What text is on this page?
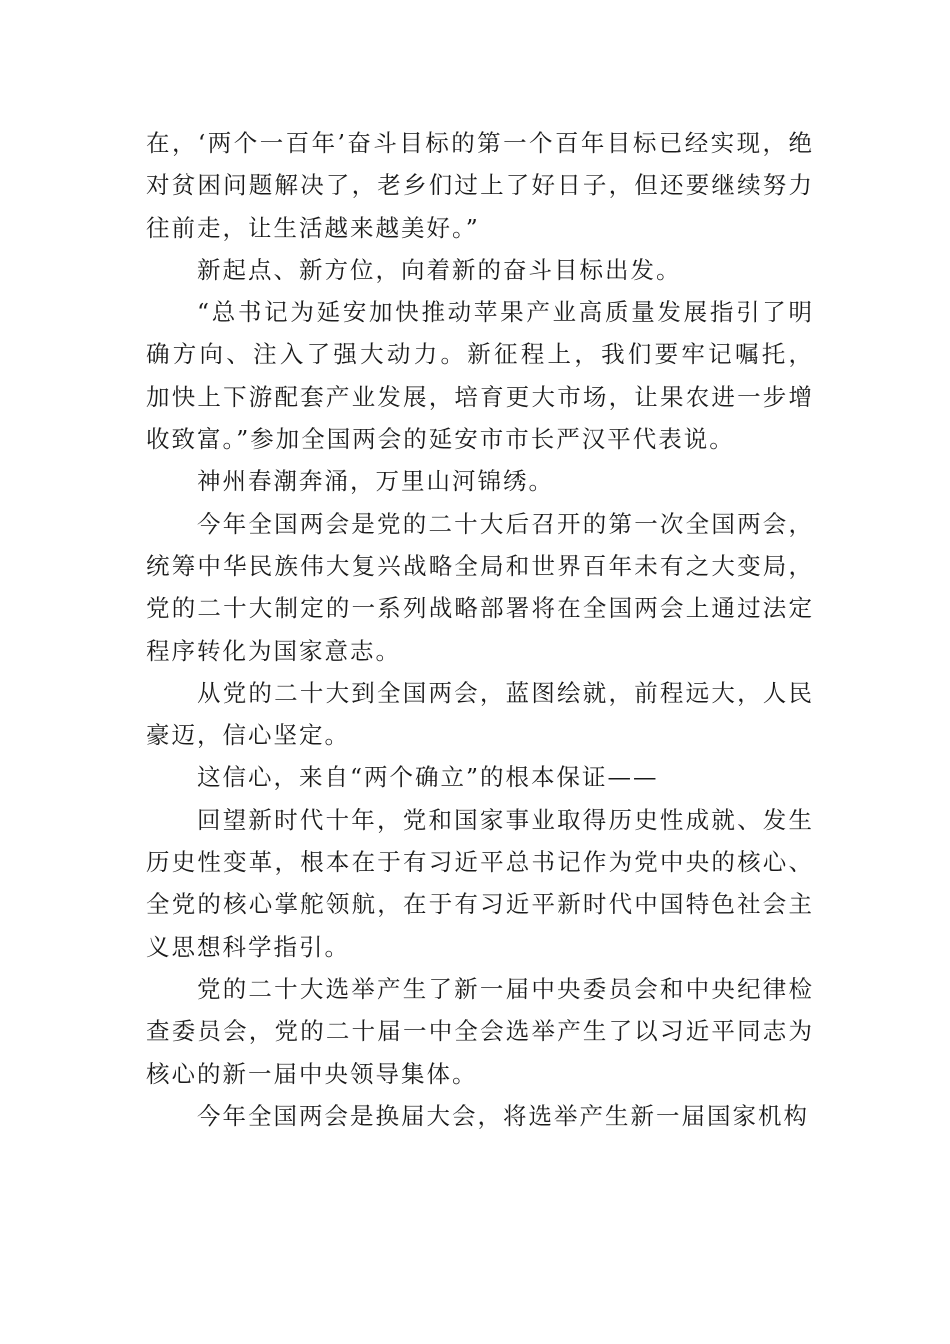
在，‘两个一百年’奋斗目标的第一个百年目标已经实现，绝对贫困问题解决了，老乡们过上了好日子，但还要继续努力往前走，让生活越来越美好。”

新起点、新方位，向着新的奋斗目标出发。

“总书记为延安加快推动苹果产业高质量发展指引了明确方向、注入了强大动力。新征程上，我们要牢记嘱托， 加快上下游配套产业发展，培育更大市场，让果农进一步增收致富。”参加全国两会的延安市市长严汉平代表说。

神州春潮奔涌，万里山河锦绣。

今年全国两会是党的二十大后召开的第一次全国两会，统筹中华民族伟大复兴战略全局和世界百年未有之大变局， 党的二十大制定的一系列战略部署将在全国两会上通过法定程序转化为国家意志。

从党的二十大到全国两会，蓝图绘就，前程远大，人民豪迈，信心坚定。

这信心，来自“两个确立”的根本保证——

回望新时代十年，党和国家事业取得历史性成就、发生历史性变革，根本在于有习近平总书记作为党中央的核心、 全党的核心掌舵领航，在于有习近平新时代中国特色社会主义思想科学指引。

党的二十大选举产生了新一届中央委员会和中央纪律检查委员会，党的二十届一中全会选举产生了以习近平同志为核心的新一届中央领导集体。

今年全国两会是换届大会，将选举产生新一届国家机构
